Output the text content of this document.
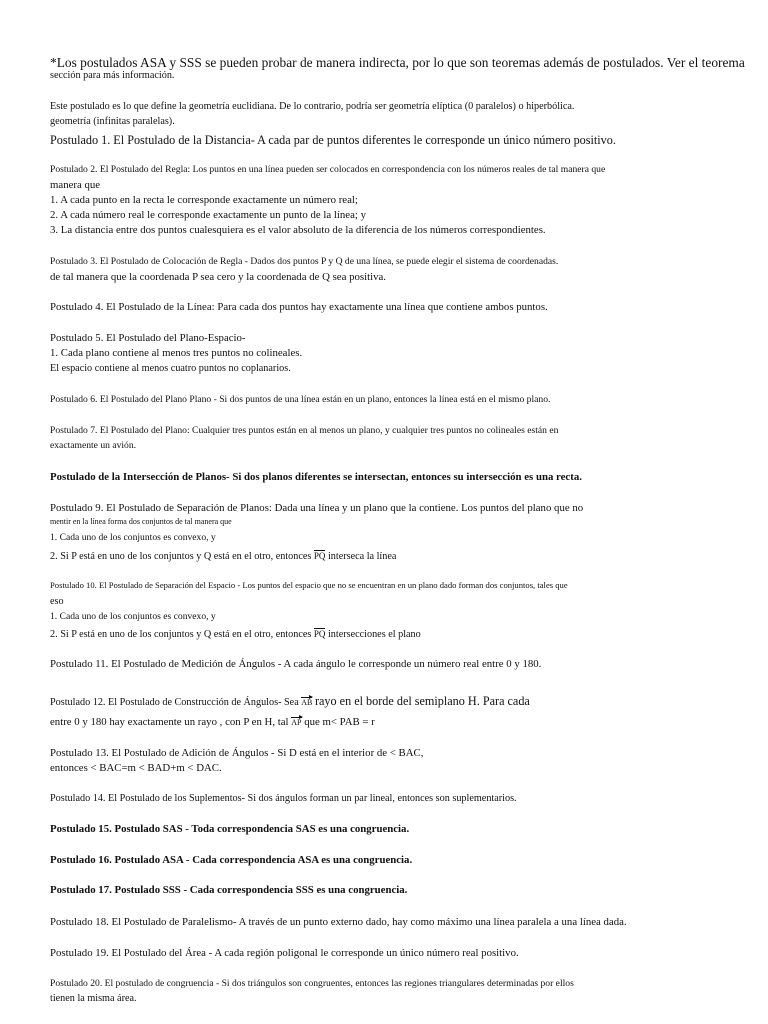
*Los postulados ASA y SSS se pueden probar de manera indirecta, por lo que son teoremas además de postulados. Ver el teorema
sección para más información.
Este postulado es lo que define la geometría euclidiana. De lo contrario, podría ser geometría elíptica (0 paralelos) o hiperbólica.
geometría (infinitas paralelas).
Postulado 1. El Postulado de la Distancia- A cada par de puntos diferentes le corresponde un único número positivo.
Postulado 2. El Postulado del Regla: Los puntos en una línea pueden ser colocados en correspondencia con los números reales de tal manera que
manera que
1. A cada punto en la recta le corresponde exactamente un número real;
2. A cada número real le corresponde exactamente un punto de la línea; y
3. La distancia entre dos puntos cualesquiera es el valor absoluto de la diferencia de los números correspondientes.
Postulado 3. El Postulado de Colocación de Regla - Dados dos puntos P y Q de una línea, se puede elegir el sistema de coordenadas.
de tal manera que la coordenada P sea cero y la coordenada de Q sea positiva.
Postulado 4. El Postulado de la Línea: Para cada dos puntos hay exactamente una línea que contiene ambos puntos.
Postulado 5. El Postulado del Plano-Espacio-
1. Cada plano contiene al menos tres puntos no colineales.
El espacio contiene al menos cuatro puntos no coplanarios.
Postulado 6. El Postulado del Plano Plano - Si dos puntos de una línea están en un plano, entonces la línea está en el mismo plano.
Postulado 7. El Postulado del Plano: Cualquier tres puntos están en al menos un plano, y cualquier tres puntos no colineales están en
exactamente un avión.
Postulado de la Intersección de Planos- Si dos planos diferentes se intersectan, entonces su intersección es una recta.
Postulado 9. El Postulado de Separación de Planos: Dada una línea y un plano que la contiene. Los puntos del plano que no
mentir en la línea forma dos conjuntos de tal manera que
1. Cada uno de los conjuntos es convexo, y
2. Si P está en uno de los conjuntos y Q está en el otro, entonces PQ interseca la línea
Postulado 10. El Postulado de Separación del Espacio - Los puntos del espacio que no se encuentran en un plano dado forman dos conjuntos, tales que
eso
1. Cada uno de los conjuntos es convexo, y
2. Si P está en uno de los conjuntos y Q está en el otro, entonces PQ intersecciones el plano
Postulado 11. El Postulado de Medición de Ángulos - A cada ángulo le corresponde un número real entre 0 y 180.
Postulado 12. El Postulado de Construcción de Ángulos- Sea AB rayo en el borde del semiplano H. Para cada
entre 0 y 180 hay exactamente un rayo , con P en H, tal AP que m< PAB = r
Postulado 13. El Postulado de Adición de Ángulos - Si D está en el interior de < BAC,
entonces < BAC=m < BAD+m < DAC.
Postulado 14. El Postulado de los Suplementos- Si dos ángulos forman un par lineal, entonces son suplementarios.
Postulado 15. Postulado SAS - Toda correspondencia SAS es una congruencia.
Postulado 16. Postulado ASA - Cada correspondencia ASA es una congruencia.
Postulado 17. Postulado SSS - Cada correspondencia SSS es una congruencia.
Postulado 18. El Postulado de Paralelismo- A través de un punto externo dado, hay como máximo una línea paralela a una línea dada.
Postulado 19. El Postulado del Área - A cada región poligonal le corresponde un único número real positivo.
Postulado 20. El postulado de congruencia - Si dos triángulos son congruentes, entonces las regiones triangulares determinadas por ellos
tienen la misma área.
